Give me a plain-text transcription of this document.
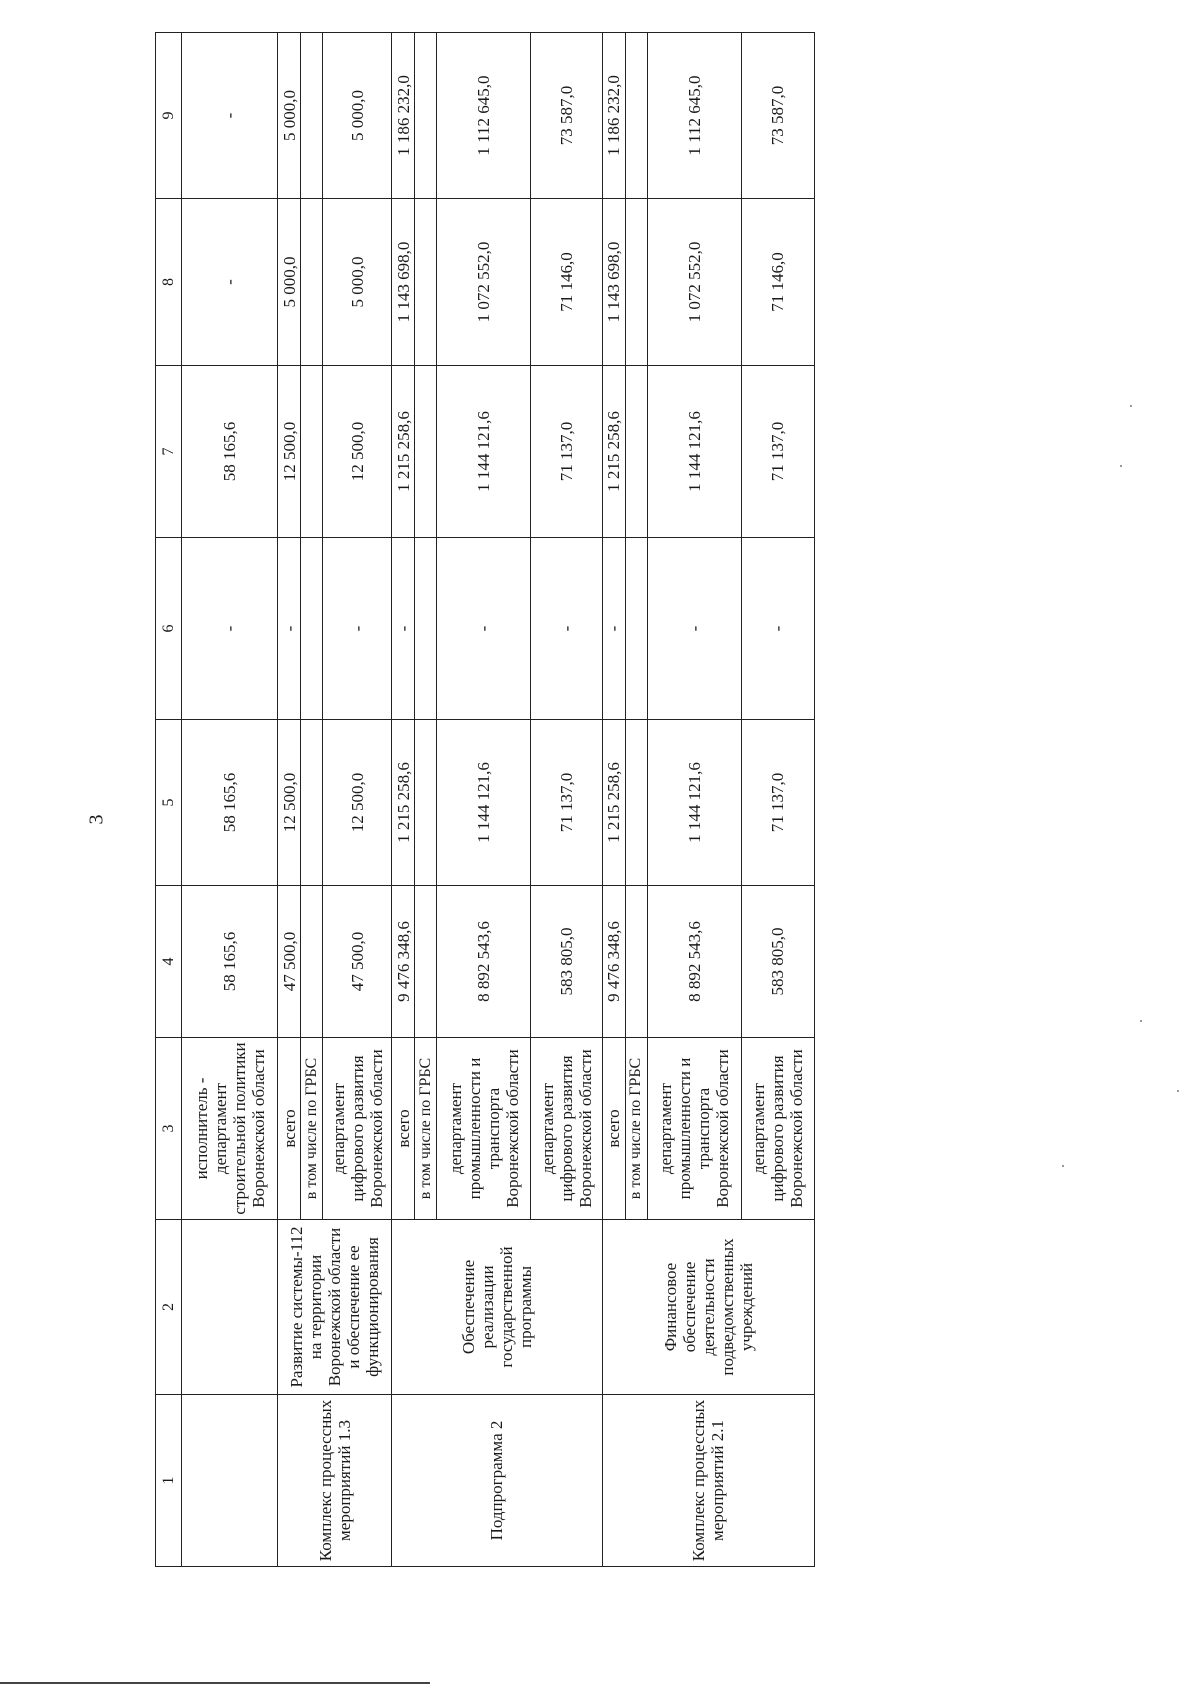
3
1	2	3	4	5	6	7	8	9
		исполнитель - департамент строительной политики Воронежской области	58 165,6	58 165,6	-	58 165,6	-	-
Комплекс процессных мероприятий 1.3	Развитие системы-112 на территории Воронежской области и обеспечение ее функционирования	всего	47 500,0	12 500,0	-	12 500,0	5 000,0	5 000,0
		в том числе по ГРБС						
		департамент цифрового развития Воронежской области	47 500,0	12 500,0	-	12 500,0	5 000,0	5 000,0
Подпрограмма 2	Обеспечение реализации государственной программы	всего	9 476 348,6	1 215 258,6	-	1 215 258,6	1 143 698,0	1 186 232,0
		в том числе по ГРБС						
		департамент промышленности и транспорта Воронежской области	8 892 543,6	1 144 121,6	-	1 144 121,6	1 072 552,0	1 112 645,0
		департамент цифрового развития Воронежской области	583 805,0	71 137,0	-	71 137,0	71 146,0	73 587,0
Комплекс процессных мероприятий 2.1	Финансовое обеспечение деятельности подведомственных учреждений	всего	9 476 348,6	1 215 258,6	-	1 215 258,6	1 143 698,0	1 186 232,0
		в том числе по ГРБС						
		департамент промышленности и транспорта Воронежской области	8 892 543,6	1 144 121,6	-	1 144 121,6	1 072 552,0	1 112 645,0
		департамент цифрового развития Воронежской области	583 805,0	71 137,0	-	71 137,0	71 146,0	73 587,0
